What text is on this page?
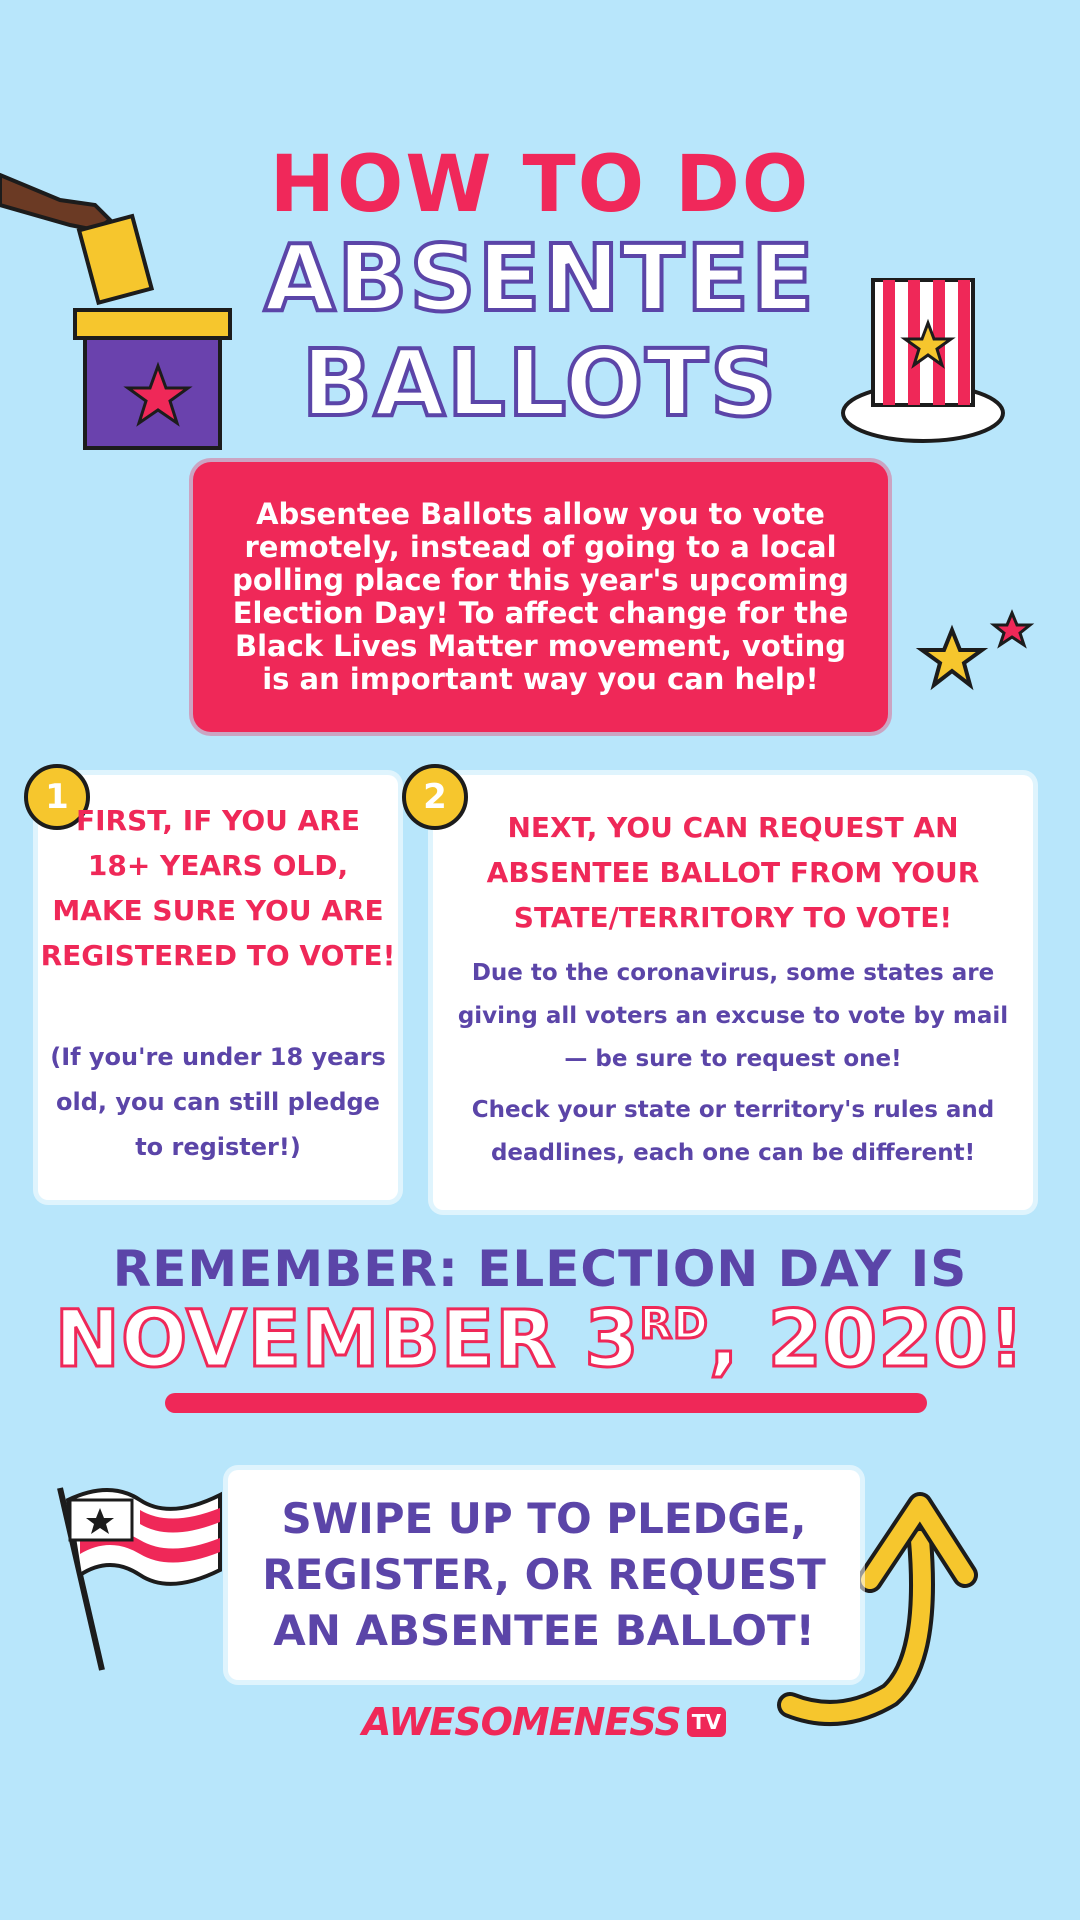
HOW TO DO
ABSENTEE
BALLOTS
Absentee Ballots allow you to vote remotely, instead of going to a local polling place for this year's upcoming Election Day! To affect change for the Black Lives Matter movement, voting is an important way you can help!
1
FIRST, IF YOU ARE 18+ YEARS OLD, MAKE SURE YOU ARE REGISTERED TO VOTE!
(If you're under 18 years old, you can still pledge to register!)
2
NEXT, YOU CAN REQUEST AN ABSENTEE BALLOT FROM YOUR STATE/TERRITORY TO VOTE!
Due to the coronavirus, some states are giving all voters an excuse to vote by mail — be sure to request one!
Check your state or territory's rules and deadlines, each one can be different!
REMEMBER: ELECTION DAY IS
NOVEMBER 3RD, 2020!
SWIPE UP TO PLEDGE, REGISTER, OR REQUEST AN ABSENTEE BALLOT!
AWESOMENESS TV
